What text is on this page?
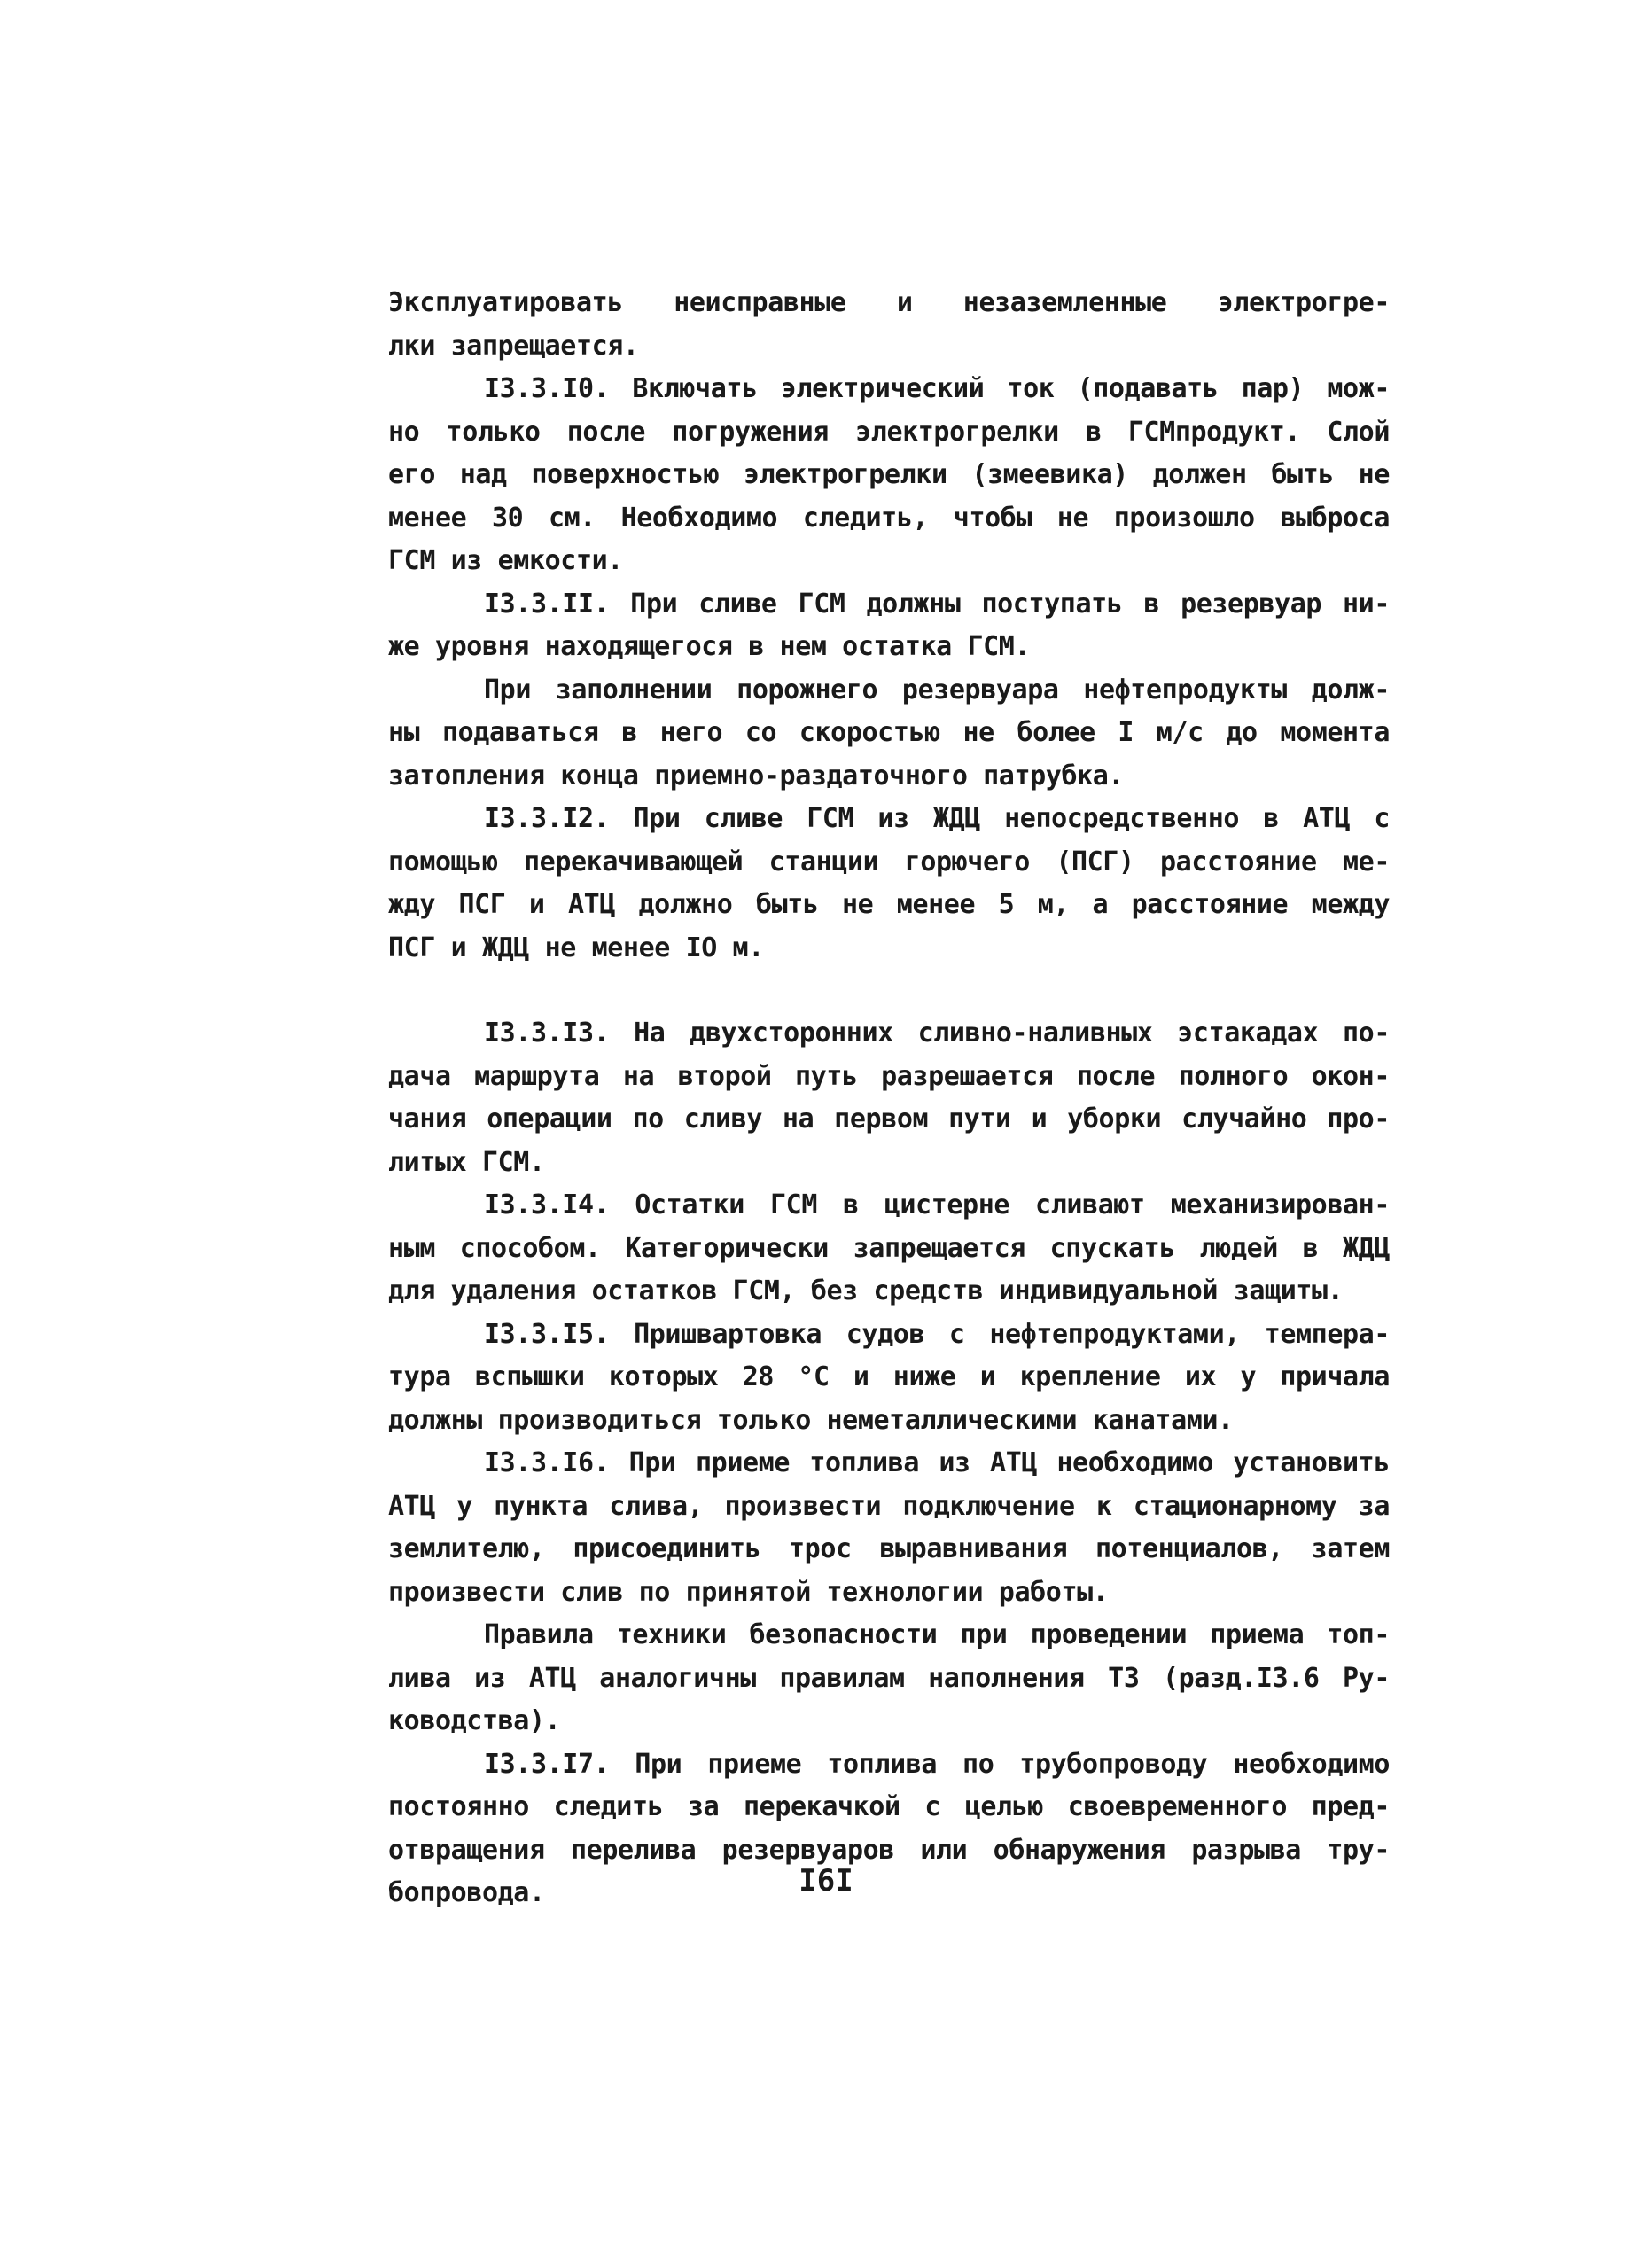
Эксплуатировать неисправные и незаземленные электрогре-
лки запрещается.
I3.3.I0. Включать электрический ток (подавать пар) мож-
но только после погружения электрогрелки в ГСМпродукт. Слой
его над поверхностью электрогрелки (змеевика) должен быть не
менее 30 см. Необходимо следить, чтобы не произошло выброса
ГСМ из емкости.
I3.3.II. При сливе ГСМ должны поступать в резервуар ни-
же уровня находящегося в нем остатка ГСМ.
При заполнении порожнего резервуара нефтепродукты долж-
ны подаваться в него со скоростью не более I м/с до момента
затопления конца приемно-раздаточного патрубка.
I3.3.I2. При сливе ГСМ из ЖДЦ непосредственно в АТЦ с
помощью перекачивающей станции горючего (ПСГ) расстояние ме-
жду ПСГ и АТЦ должно быть не менее 5 м, а расстояние между
ПСГ и ЖДЦ не менее IO м.
I3.3.I3. На двухсторонних сливно-наливных эстакадах по-
дача маршрута на второй путь разрешается после полного окон-
чания операции по сливу на первом пути и уборки случайно про-
литых ГСМ.
I3.3.I4. Остатки ГСМ в цистерне сливают механизирован-
ным способом. Категорически запрещается спускать людей в ЖДЦ
для удаления остатков ГСМ, без средств индивидуальной защиты.
I3.3.I5. Пришвартовка судов с нефтепродуктами, темпера-
тура вспышки которых 28 °С и ниже и крепление их у причала
должны производиться только неметаллическими канатами.
I3.3.I6. При приеме топлива из АТЦ необходимо установить
АТЦ у пункта слива, произвести подключение к стационарному за
землителю, присоединить трос выравнивания потенциалов, затем
произвести слив по принятой технологии работы.
Правила техники безопасности при проведении приема топ-
лива из АТЦ аналогичны правилам наполнения ТЗ (разд.I3.6 Ру-
ководства).
I3.3.I7. При приеме топлива по трубопроводу необходимо
постоянно следить за перекачкой с целью своевременного пред-
отвращения перелива резервуаров или обнаружения разрыва тру-
бопровода.	I6I
